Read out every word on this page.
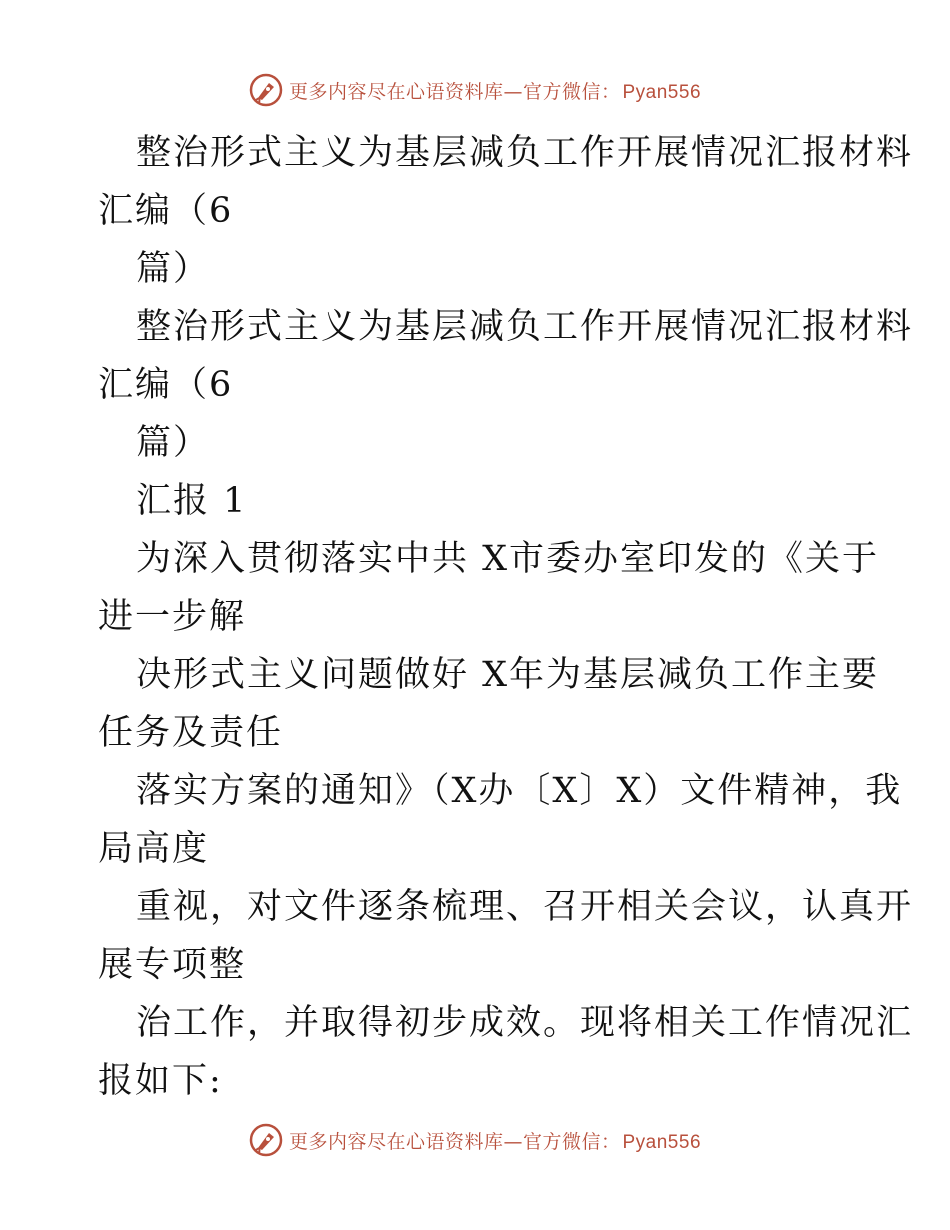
更多内容尽在心语资料库—官方微信： Pyan556
整治形式主义为基层减负工作开展情况汇报材料
汇编（6
篇）
整治形式主义为基层减负工作开展情况汇报材料
汇编（6
篇）
汇报 1
为深入贯彻落实中共 X市委办室印发的《关于
进一步解
决形式主义问题做好 X年为基层减负工作主要
任务及责任
落实方案的通知》（X办〔X〕X）文件精神，我
局高度
重视，对文件逐条梳理、召开相关会议，认真开
展专项整
治工作，并取得初步成效。现将相关工作情况汇
报如下:
更多内容尽在心语资料库—官方微信： Pyan556
